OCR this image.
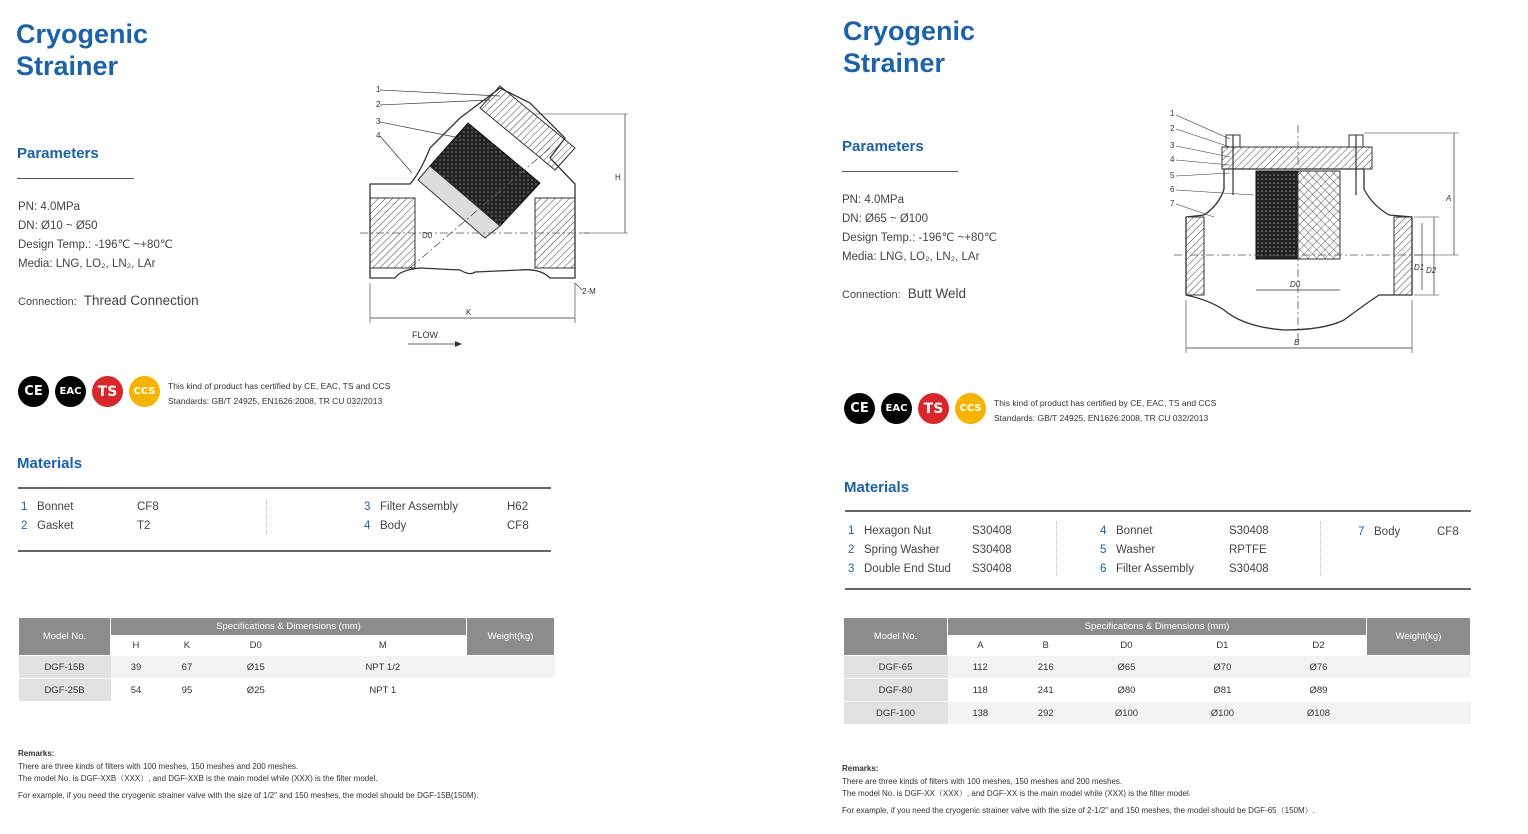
Cryogenic
Strainer
Parameters
PN: 4.0MPa
DN: Ø10 ~ Ø50
Design Temp.: -196℃ ~+80℃
Media: LNG, LO₂, LN₂, LAr
Connection: Thread Connection
1
2
3
4
H
K
D0
2-M
FLOW
CE	EAC	TS	CCS	This kind of product has certified by CE, EAC, TS and CCS
Standards: GB/T 24925, EN1626:2008, TR CU 032/2013
Materials
1 Bonnet	CF8
2 Gasket	T2
3 Filter Assembly	H62
4 Body	CF8
Model No.	Specifications & Dimensions (mm)				Weight(kg)
	H	K	D0	M	
DGF-15B	39	67	Ø15	NPT 1/2	
DGF-25B	54	95	Ø25	NPT 1	
Remarks:
There are three kinds of filters with 100 meshes, 150 meshes and 200 meshes.
The model No. is DGF-XXB（XXX）, and DGF-XXB is the main model while (XXX) is the filter model.
For example, if you need the cryogenic strainer valve with the size of 1/2" and 150 meshes, the model should be DGF-15B(150M).
Cryogenic
Strainer
Parameters
PN: 4.0MPa
DN: Ø65 ~ Ø100
Design Temp.: -196℃ ~+80℃
Media: LNG, LO₂, LN₂, LAr
Connection: Butt Weld
1
2
3
4
5
6
7
A
D1 D2
D0
B
CE	EAC	TS	CCS	This kind of product has certified by CE, EAC, TS and CCS
Standards: GB/T 24925, EN1626:2008, TR CU 032/2013
Materials
1 Hexagon Nut	S30408
2 Spring Washer	S30408
3 Double End Stud S30408
4 Bonnet	S30408
5 Washer	RPTFE
6 Filter Assembly	S30408
7 Body	CF8
Model No.	Specifications & Dimensions (mm)					Weight(kg)
	A	B	D0	D1	D2	
DGF-65	112	216	Ø65	Ø70	Ø76	
DGF-80	118	241	Ø80	Ø81	Ø89	
DGF-100	138	292	Ø100	Ø100	Ø108	
Remarks:
There are three kinds of filters with 100 meshes, 150 meshes and 200 meshes.
The model No. is DGF-XX（XXX）, and DGF-XX is the main model while (XXX) is the filter model.
For example, if you need the cryogenic strainer valve with the size of 2-1/2" and 150 meshes, the model should be DGF-65（150M）.
